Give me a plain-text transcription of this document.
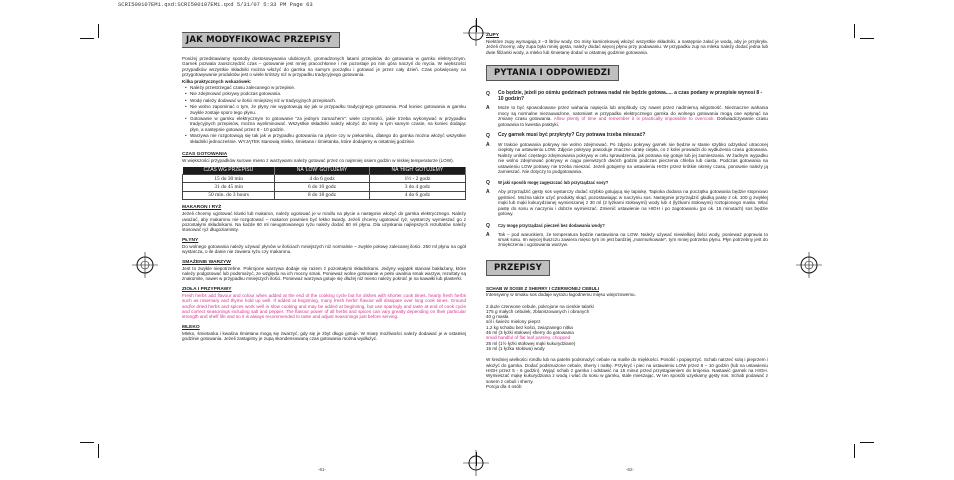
SCRI500107EM1.qxd:SCRI500107EM1.qxd 5/31/07 5:33 PM Page 63
JAK MODYFIKOWAC PRZEPISY

Poniżej przedstawiamy sposoby dostosowywania ulubionych, gromadzonych latami przepisów do gotowania w garnku elektrycznym. Garnek pozwala zaoszczędzić czas – gotowanie jest mniej pracochłonne i nie pozostaje po nim góra naczyń do mycia. W większości przypadków wszystkie składniki można włożyć do garnka na samym początku i gotować je przez cały dzień. Czas poświęcany na przygotowywanie produktów jest o wiele krótszy niż w przypadku tradycyjnego gotowania.

Kilka praktycznych wskazówek:
• Należy przestrzegać czasu zalecanego w przepisie.
• Nie zdejmować pokrywy podczas gotowania.
• Wodę należy dodawać w ilości mniejszej niż w tradycyjnych przepisach.
• Nie wolno zapominać o tym, że płyny nie wygotowują się jak w przypadku tradycyjnego gotowania. Pod koniec gotowania w garnku zwykle zostaje sporo tego płynu.
• Gotowanie w garnku elektrycznym to gotowanie "za jednym zamachem": wiele czynności, jakie trzeba wykonywać w przypadku tradycyjnych przepisów, można wyeliminować. Wszystkie składniki należy włożyć do misy w tym samym czasie, na koniec dodając płyn, a następnie gotować przez 8 - 10 godzin.
• Warzywa nie rozgotowują się tak jak w przypadku gotowania na płycie czy w piekarniku, dlatego do garnka można włożyć wszystkie składniki jednocześnie. WYJĄTEK stanowią mleko, śmietana i śmietanka, które dodajemy w ostatniej godzinie.
CZAS GOTOWANIA

W większości przypadków surowe mieso z warzywami należy gotować przez co najmniej osiem godzin w niskiej temperaturze (LOW).

CZAS WG PRZEPISU	NA 'LOW' GOTUJEMY	NA 'HIGH' GOTUJEMY
15 do 30 min	4 do 6 godz	1½ - 2 godz
31 do 45 min	6 do 10 godz	3 do 4 godz
50 min. do 3 hours	8 do 18 godz	4 do 6 godz
MAKARON I RYŻ

Jeżeli chcemy ugotować kluski lub makaron, należy ugotować je w rondlu na płycie a następnie włożyć do garnka elektrycznego. Należy uważać, aby makaronu nie rozgotować – makaron powinien być lekko twardy. Jeżeli chcemy ugotować ryż, wystarczy wymieszać go z pozostałymi składnikami. Na każde 60 ml nieugotowanego ryżu należy dodać 60 ml płynu. Dla uzyskania najlepszych rezultatów należy stosować ryż długoziarnisty.

PŁYNY

Do wolnego gotowania należy używać płynów w ilościach mniejszych niż normalnie – zwykle połowę zalecanej ilości. 250 ml płynu na ogół wystarcza, o ile danie nie zawiera ryżu czy makaronu.

SMAŻENIE WARZYW

Jest to zwykle niepotrzebne. Pokrojone warzywa dodaje się razem z pozostałymi składnikami. Jedyny wyjątek stanowi bakłażany, które należy podgotować lub podsmażyć, ze względu na ich mocny smak. Ponieważ wolne gotowanie w pełni uwalnia smak warzyw, rezultaty są znakomite, nawet w przypadku mniejszych ilości. Ponieważ warzywa gotuje się dłużej niż mieso należy pokroić je na kawałki lub plasterki.

ZIOŁA I PRZYPRAWY

Fresh herbs add flavour and colour when added at the end of the cooking cycle but for dishes with shorter cook times, hearty fresh herbs such as rosemary and thyme hold up well. If added at beginning, many fresh herbs' flavour will dissipate over long cook times. Ground and/or dried herbs and spices work well in slow cooking and may be added at beginning, but use sparingly and taste at end of cook cycle and correct seasonings including salt and pepper. The flavour power of all herbs and spices can vary greatly depending on their particular strength and shelf life and so it is always recommended to taste and adjust seasonings just before serving.

MLEKO

Mleko, śmietanka i kwaśna śmietana mogą się zwarzyć, gdy się je zbyt długo gotuje. W miarę możliwości należy dodawać je w ostatniej godzinie gotowania. Jeżeli zastąpimy je zupą skondensowaną czas gotowania można wydłużyć.

-61-
ZUPY

Niektóre zupy wymagają 2 –3 litrów wody. Do misy kamionkowej włożyć wszystkie składniki, a następnie zalać je wodą, aby je przykryła. Jeżeli chcemy, aby zupa była mniej gęsta, należy dodać więcej płynu przy podawaniu. W przypadku zup na mleku należy dodać jedna lub dwie filiżanki wody, a mleko lub śmietanę dodać w ostatniej godzinie gotowania.

PYTANIA I ODPOWIEDZI
Q	Co będzie, jeżeli po ośmiu godzinach potrawa nadal nie będzie gotowa..... a czas podany w przepisie wynosi 8 - 10 godzin?
A	Może to być spowodowane przez wahania napięcia lub amplitudy czy nawet przez nadmierną wilgotność. Nieznaczne wahania mocy są normalne niezauważone, natomiast w przypadku elektrycznego garnka do wolnego gotowania mogą one wpłynąć na zmianę czasu gotowania. Allow plenty of time and remember it is practically impossible to overcook. Doświadczywanie czasu gotowania to kwestia praktyki.

Q	Czy garnek musi być przykryty? Czy potrawa trzeba mieszać?
A	W trakcie gotowania pokrywy nie wolno zdejmować. Po zdjęciu pokrywy garnek nie będzie w stanie szybko odzyskać utraconej ciepłoty na ustawieniu LOW. Zdjęcie pokrywy powoduje znaczne utratę ciepła, co z kolei prowadzi do wydłużenia czasu gotowania. Należy unikać częstego zdejmowania pokrywy w celu sprawdzenia, jak potrawa się gotuje lub jej zamieszania. W żadnym wypadku nie wolno zdejmować pokrywy w ciągu pierwszych dwóch godzin podczas pieczenia chleba lub ciasta. Podczas gotowania na ustawieniu LOW potrawy nie trzeba mieszać. Jeżeli gotujemy na ustawieniu HIGH przez krótkie okresy czasu, ponownie należy ją zamieszać. Nie dotyczy to podgotowania.

Q	W jaki sposób mogę zagęszczać lub przyrządzać sosy?
A	Aby przyrządzić gęsty sos wystarczy dodać szybko gotującą się tapiokę. Tapioka dodana na początku gotowania będzie stopniowo gęstnieć. Można także użyć produkty skąd, pozostawiając w naczyniu sos. Następnie przyrządzić gładką pastę z ok. 100 g zwykłej mąki lub mąki kukurydzianej wymieszanej z 30 ml (2 łyżkami stołowymi) wody lub 4 (łyżkami stołowymi) roztopionego masła. Wlać pastę do sosu w naczyniu i dobrze wymieszać. Zmienić ustawienie na HIGH i po zagotowaniu (po ok. 15 minutach) sos będzie gotowy.

Q	Czy mogę przyrządzać pieczeń bez dodawania wody?
A	Tak – pod warunkiem, że temperatura będzie nastawiona na LOW. Należy używać niewielkiej ilości wody, ponieważ poprawia to smak sosu. Im więcej tłuszczu zawiera mięso tym im jest bardziej „marmurkowate", tym mniej potrzeba płynu. Płyn potrzebny jest do zmiękczenia i ugotowania warzyw.

PRZEPISY
SCHAB W SOSIE Z SHERRY I CZERWONEJ CEBULI

Intensywny w smaku sos dodaje wyrazu łagodnemu mięsu wieprzowemu.

2 duże czerwone cebule, pokrojone na cienkie talarki
175 g małych cebulek, zblanszowanych i obranych
40 g masła
sól i świeżo mielony pieprz
1,2 kg schabu bez kości, związanego nitka
45 ml (3 łyżki stołowe) sherry do gotowania
small handful of flat leaf parsley, chopped
25 ml (1½ łyżki stołowej mąki kukurydziane)
15 ml (1 łyżka stołowa) wody

W średniej wielkości rondlu lub na patelni podsmażyć cebule na maśle do miękkości. Posolić i popieprzyć. Schab natrzeć solą i pieprzem i włożyć do garnka. Dodać podsmażone cebule, sherry i natkę. Przykryć i piec na ustawieniu LOW przez 8 – 10 godzin (lub na ustawieniu HIGH przez 5 - 6 godzin). Wyjąć schab z garnka i odstawić na 15 minut przed przystąpieniem do krojenia. Nastawić garnek na HIGH. Wymieszać mąkę kukurydziana z wodą i wlać do sosu w garnku, stale mieszając. W ten sposób uzyskamy gęsty sos. Schab podawać z sosem z cebuli i sherry.

Porcja dla 4 osób
-62-
